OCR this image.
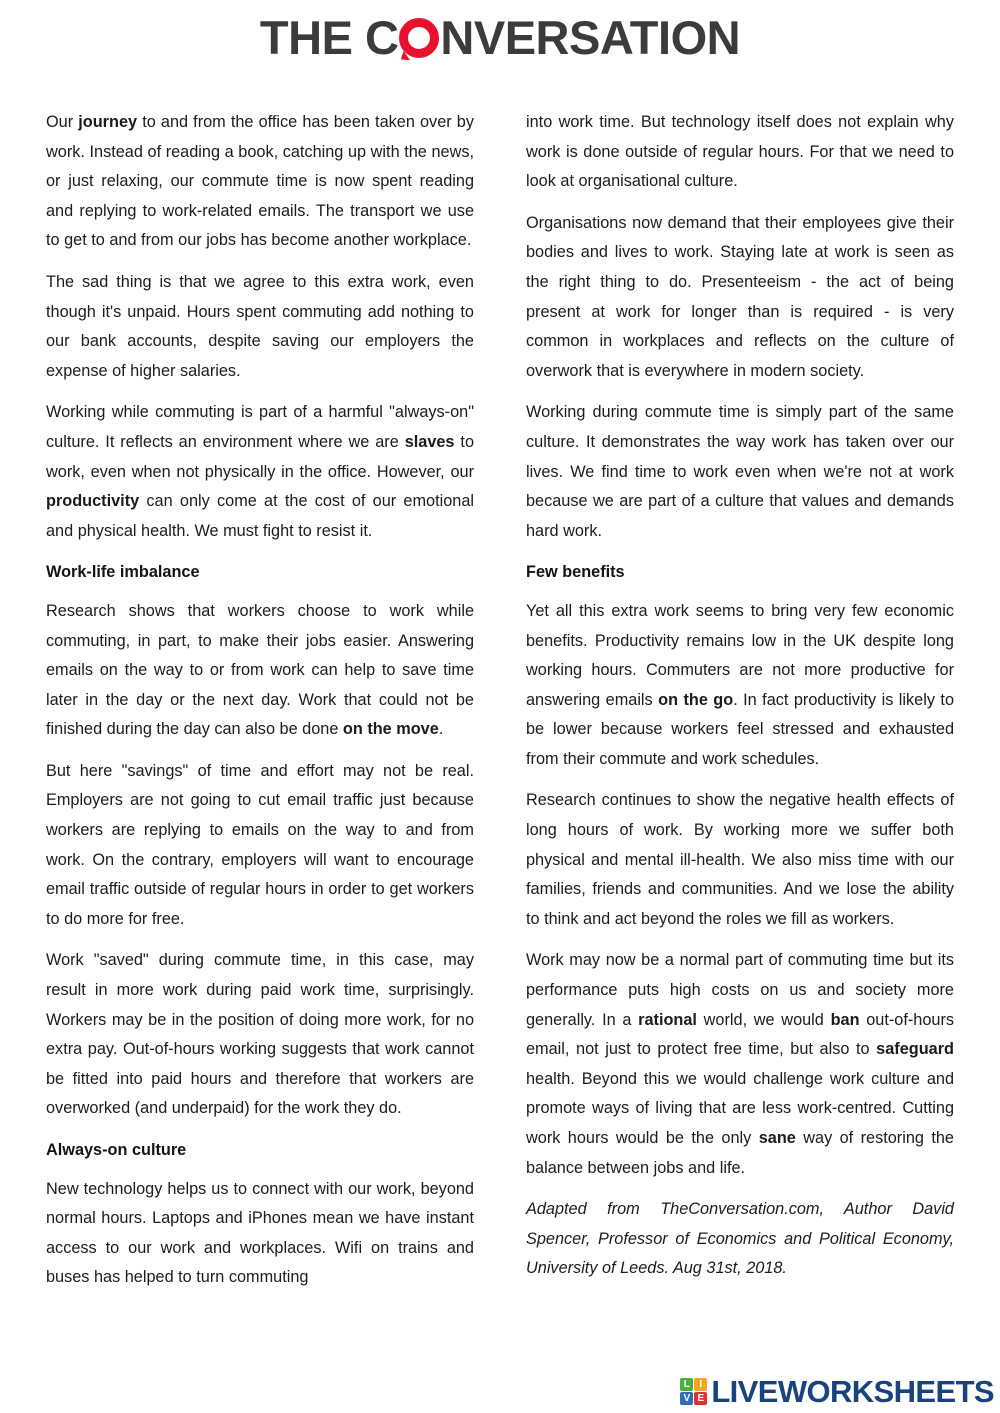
THE C NVERSATION

Our journey to and from the office has been taken over by work. Instead of reading a book, catching up with the news, or just relaxing, our commute time is now spent reading and replying to work-related emails. The transport we use to get to and from our jobs has become another workplace.

The sad thing is that we agree to this extra work, even though it's unpaid. Hours spent commuting add nothing to our bank accounts, despite saving our employers the expense of higher salaries.

Working while commuting is part of a harmful "always-on" culture. It reflects an environment where we are slaves to work, even when not physically in the office. However, our productivity can only come at the cost of our emotional and physical health. We must fight to resist it.

Work-life imbalance

Research shows that workers choose to work while commuting, in part, to make their jobs easier. Answering emails on the way to or from work can help to save time later in the day or the next day. Work that could not be finished during the day can also be done on the move.

But here "savings" of time and effort may not be real. Employers are not going to cut email traffic just because workers are replying to emails on the way to and from work. On the contrary, employers will want to encourage email traffic outside of regular hours in order to get workers to do more for free.

Work "saved" during commute time, in this case, may result in more work during paid work time, surprisingly. Workers may be in the position of doing more work, for no extra pay. Out-of-hours working suggests that work cannot be fitted into paid hours and therefore that workers are overworked (and underpaid) for the work they do.

Always-on culture

New technology helps us to connect with our work, beyond normal hours. Laptops and iPhones mean we have instant access to our work and workplaces. Wifi on trains and buses has helped to turn commuting

into work time. But technology itself does not explain why work is done outside of regular hours. For that we need to look at organisational culture.

Organisations now demand that their employees give their bodies and lives to work. Staying late at work is seen as the right thing to do. Presenteeism - the act of being present at work for longer than is required - is very common in workplaces and reflects on the culture of overwork that is everywhere in modern society.

Working during commute time is simply part of the same culture. It demonstrates the way work has taken over our lives. We find time to work even when we're not at work because we are part of a culture that values and demands hard work.

Few benefits

Yet all this extra work seems to bring very few economic benefits. Productivity remains low in the UK despite long working hours. Commuters are not more productive for answering emails on the go. In fact productivity is likely to be lower because workers feel stressed and exhausted from their commute and work schedules.

Research continues to show the negative health effects of long hours of work. By working more we suffer both physical and mental ill-health. We also miss time with our families, friends and communities. And we lose the ability to think and act beyond the roles we fill as workers.

Work may now be a normal part of commuting time but its performance puts high costs on us and society more generally. In a rational world, we would ban out-of-hours email, not just to protect free time, but also to safeguard health. Beyond this we would challenge work culture and promote ways of living that are less work-centred. Cutting work hours would be the only sane way of restoring the balance between jobs and life.

Adapted from TheConversation.com, Author David Spencer, Professor of Economics and Political Economy, University of Leeds. Aug 31st, 2018.

L I
V E LIVEWORKSHEETS
